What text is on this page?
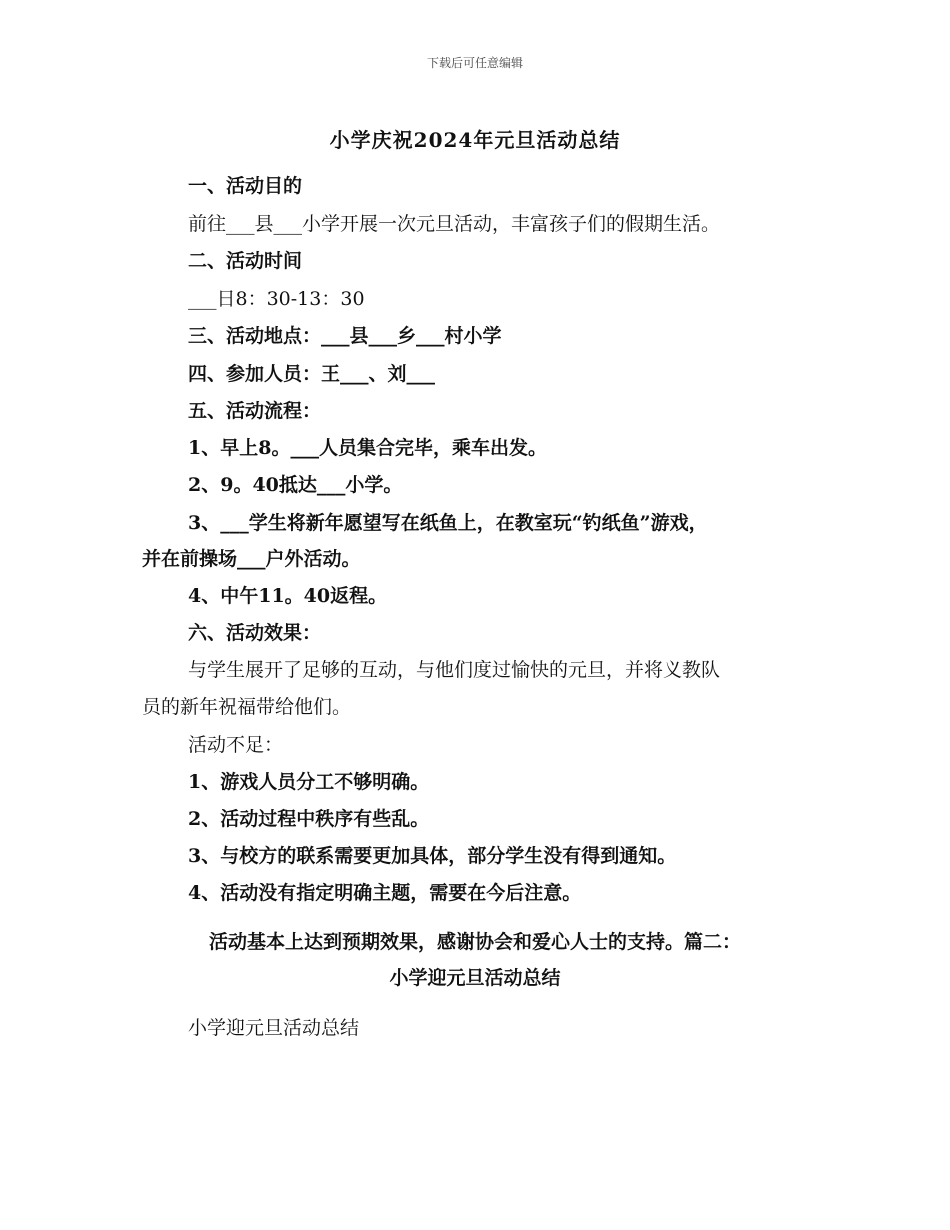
下载后可任意编辑
小学庆祝2024年元旦活动总结
一、活动目的
前往___县___小学开展一次元旦活动，丰富孩子们的假期生活。
二、活动时间
___日8：30-13：30
三、活动地点：___县___乡___村小学
四、参加人员：王___、刘___
五、活动流程：
1、早上8。___人员集合完毕，乘车出发。
2、9。40抵达___小学。
3、___学生将新年愿望写在纸鱼上，在教室玩“钓纸鱼”游戏，
并在前操场___户外活动。
4、中午11。40返程。
六、活动效果：
与学生展开了足够的互动，与他们度过愉快的元旦，并将义教队
员的新年祝福带给他们。
活动不足：
1、游戏人员分工不够明确。
2、活动过程中秩序有些乱。
3、与校方的联系需要更加具体，部分学生没有得到通知。
4、活动没有指定明确主题，需要在今后注意。
活动基本上达到预期效果，感谢协会和爱心人士的支持。篇二：
小学迎元旦活动总结
小学迎元旦活动总结
